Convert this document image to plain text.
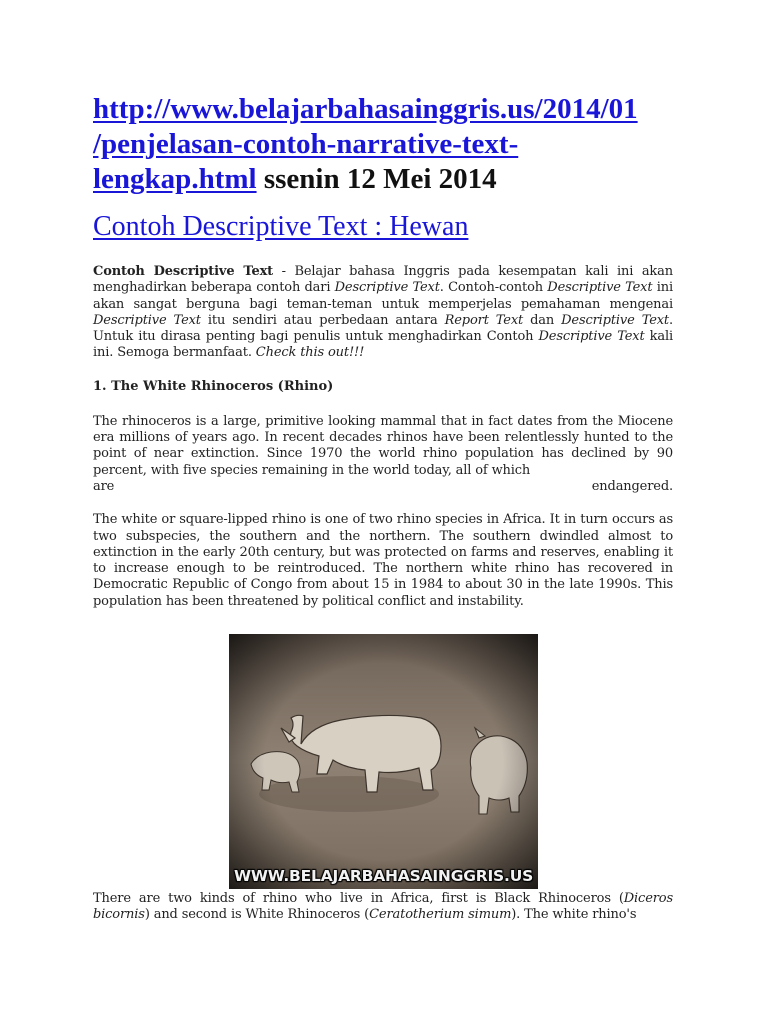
http://www.belajarbahasainggris.us/2014/01
/penjelasan-contoh-narrative-text-
lengkap.html ssenin 12 Mei 2014

Contoh Descriptive Text : Hewan

Contoh Descriptive Text - Belajar bahasa Inggris pada kesempatan kali ini akan menghadirkan beberapa contoh dari Descriptive Text. Contoh-contoh Descriptive Text ini akan sangat berguna bagi teman-teman untuk memperjelas pemahaman mengenai Descriptive Text itu sendiri atau perbedaan antara Report Text dan Descriptive Text. Untuk itu dirasa penting bagi penulis untuk menghadirkan Contoh Descriptive Text kali ini. Semoga bermanfaat. Check this out!!!

1. The White Rhinoceros (Rhino)

The rhinoceros is a large, primitive looking mammal that in fact dates from the Miocene era millions of years ago. In recent decades rhinos have been relentlessly hunted to the point of near extinction. Since 1970 the world rhino population has declined by 90 percent, with five species remaining in the world today, all of which
are	endangered.

The white or square-lipped rhino is one of two rhino species in Africa. It in turn occurs as two subspecies, the southern and the northern. The southern dwindled almost to extinction in the early 20th century, but was protected on farms and reserves, enabling it to increase enough to be reintroduced. The northern white rhino has recovered in Democratic Republic of Congo from about 15 in 1984 to about 30 in the late 1990s. This population has been threatened by political conflict and instability.

WWW.BELAJARBAHASAINGGRIS.US

There are two kinds of rhino who live in Africa, first is Black Rhinoceros (Diceros bicornis) and second is White Rhinoceros (Ceratotherium simum). The white rhino's
